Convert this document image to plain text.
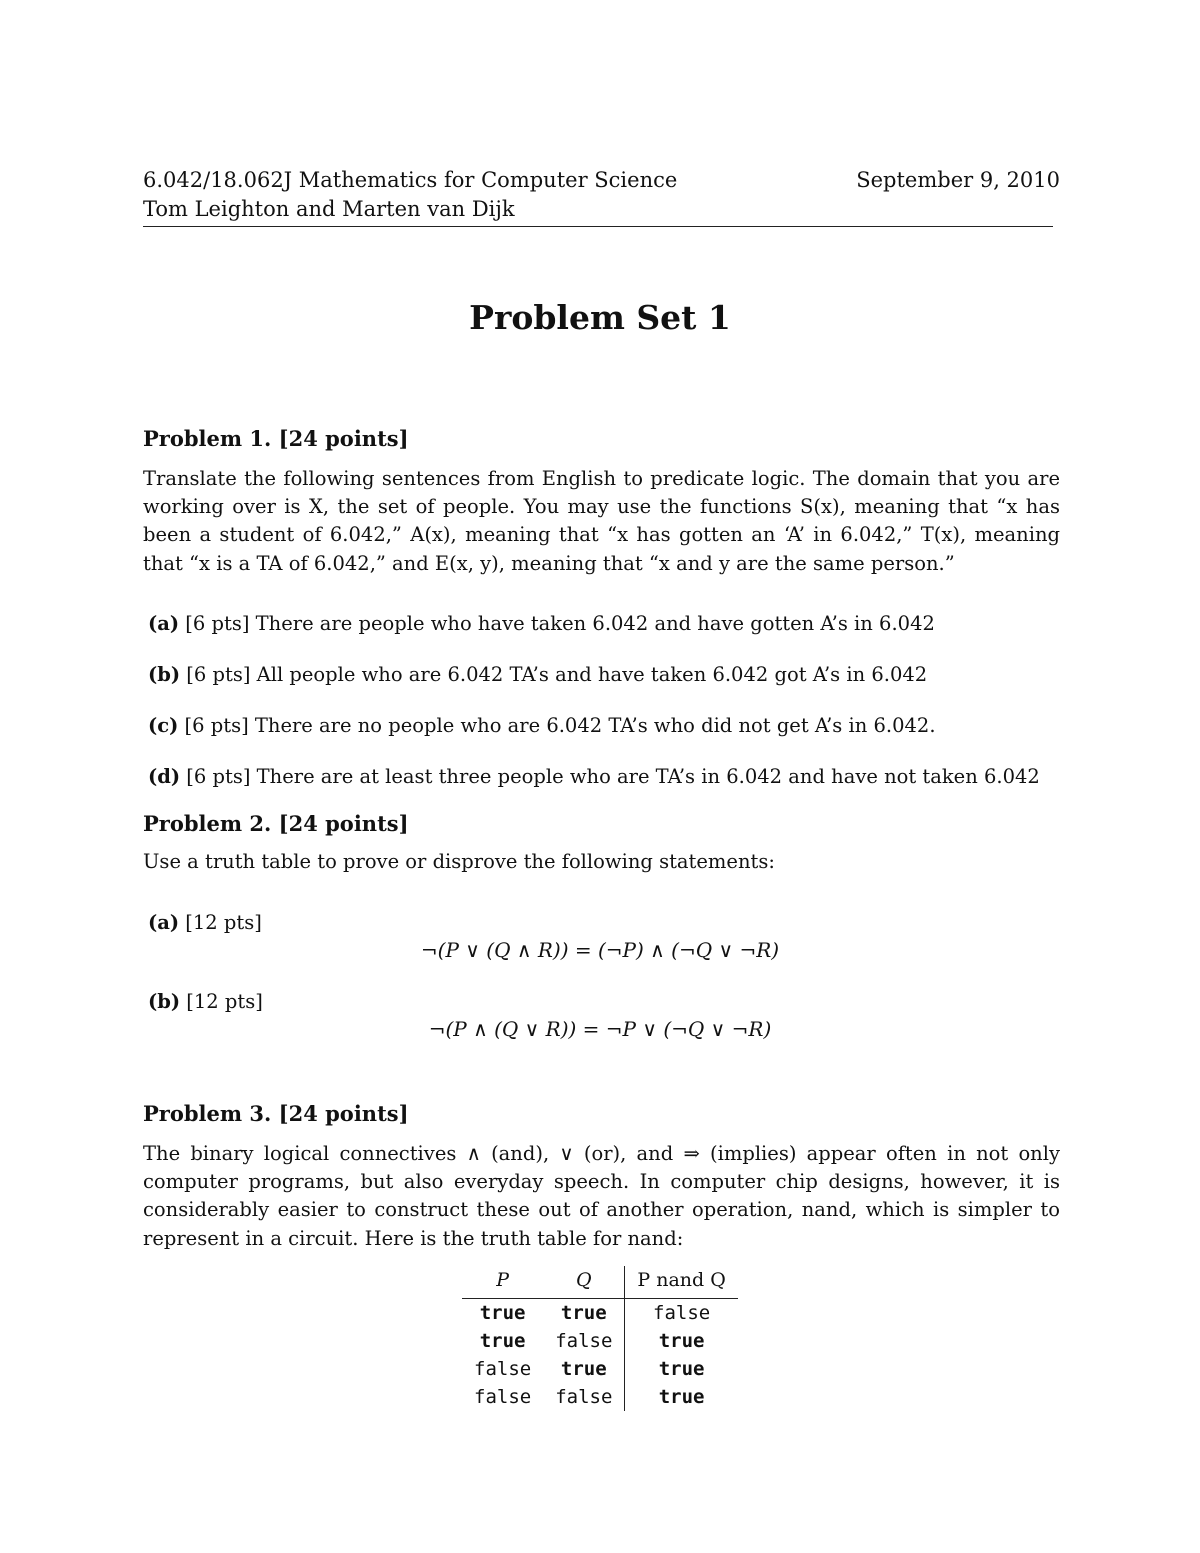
6.042/18.062J Mathematics for Computer Science	September 9, 2010
Tom Leighton and Marten van Dijk
Problem Set 1
Problem 1. [24 points]
Translate the following sentences from English to predicate logic. The domain that you are
working over is X, the set of people. You may use the functions S(x), meaning that “x has
been a student of 6.042,” A(x), meaning that “x has gotten an ‘A’ in 6.042,” T(x), meaning
that “x is a TA of 6.042,” and E(x, y), meaning that “x and y are the same person.”
(a) [6 pts] There are people who have taken 6.042 and have gotten A’s in 6.042
(b) [6 pts] All people who are 6.042 TA’s and have taken 6.042 got A’s in 6.042
(c) [6 pts] There are no people who are 6.042 TA’s who did not get A’s in 6.042.
(d) [6 pts] There are at least three people who are TA’s in 6.042 and have not taken 6.042
Problem 2. [24 points]
Use a truth table to prove or disprove the following statements:
(a) [12 pts]
¬(P ∨ (Q ∧ R)) = (¬P) ∧ (¬Q ∨ ¬R)
(b) [12 pts]
¬(P ∧ (Q ∨ R)) = ¬P ∨ (¬Q ∨ ¬R)
Problem 3. [24 points]
The binary logical connectives ∧ (and), ∨ (or), and ⇒ (implies) appear often in not only
computer programs, but also everyday speech. In computer chip designs, however, it is
considerably easier to construct these out of another operation, nand, which is simpler to
represent in a circuit. Here is the truth table for nand:
P	Q	P nand Q
true	true	false
true	false	true
false	true	true
false	false	true
